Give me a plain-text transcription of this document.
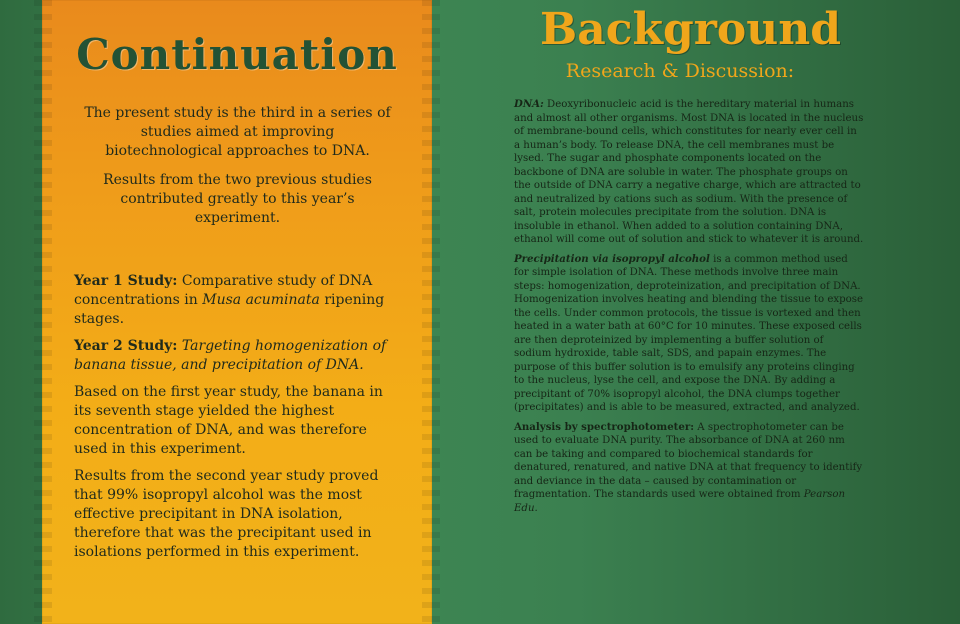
Continuation

The present study is the third in a series of studies aimed at improving biotechnological approaches to DNA.

Results from the two previous studies contributed greatly to this year’s experiment.

Year 1 Study: Comparative study of DNA concentrations in Musa acuminata ripening stages.

Year 2 Study: Targeting homogenization of banana tissue, and precipitation of DNA.

Based on the first year study, the banana in its seventh stage yielded the highest concentration of DNA, and was therefore used in this experiment.

Results from the second year study proved that 99% isopropyl alcohol was the most effective precipitant in DNA isolation, therefore that was the precipitant used in isolations performed in this experiment.

Background
Research & Discussion:

DNA: Deoxyribonucleic acid is the hereditary material in humans and almost all other organisms. Most DNA is located in the nucleus of membrane-bound cells, which constitutes for nearly ever cell in a human’s body. To release DNA, the cell membranes must be lysed. The sugar and phosphate components located on the backbone of DNA are soluble in water. The phosphate groups on the outside of DNA carry a negative charge, which are attracted to and neutralized by cations such as sodium. With the presence of salt, protein molecules precipitate from the solution. DNA is insoluble in ethanol. When added to a solution containing DNA, ethanol will come out of solution and stick to whatever it is around.

Precipitation via isopropyl alcohol is a common method used for simple isolation of DNA. These methods involve three main steps: homogenization, deproteinization, and precipitation of DNA. Homogenization involves heating and blending the tissue to expose the cells. Under common protocols, the tissue is vortexed and then heated in a water bath at 60°C for 10 minutes. These exposed cells are then deproteinized by implementing a buffer solution of sodium hydroxide, table salt, SDS, and papain enzymes. The purpose of this buffer solution is to emulsify any proteins clinging to the nucleus, lyse the cell, and expose the DNA. By adding a precipitant of 70% isopropyl alcohol, the DNA clumps together (precipitates) and is able to be measured, extracted, and analyzed.

Analysis by spectrophotometer: A spectrophotometer can be used to evaluate DNA purity. The absorbance of DNA at 260 nm can be taking and compared to biochemical standards for denatured, renatured, and native DNA at that frequency to identify and deviance in the data – caused by contamination or fragmentation. The standards used were obtained from Pearson Edu.
